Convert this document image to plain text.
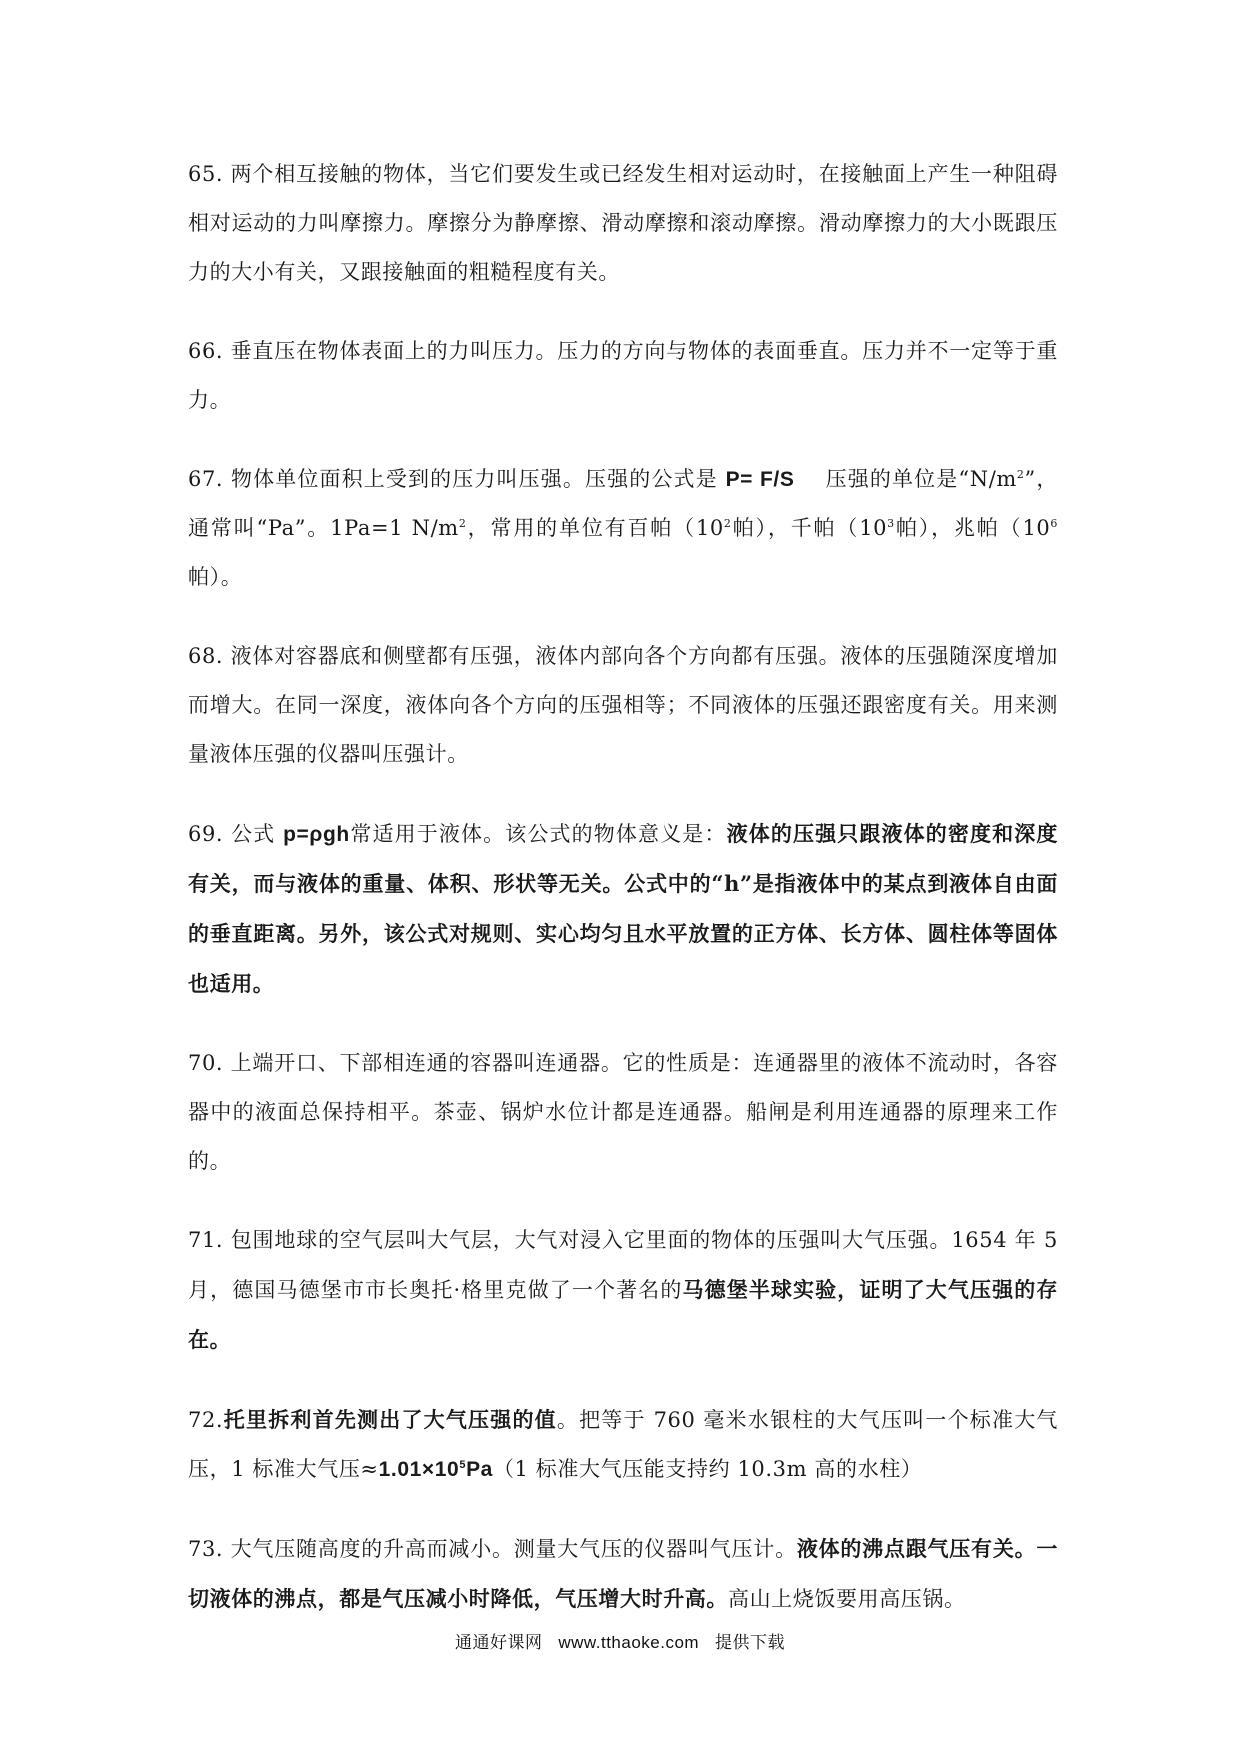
65. 两个相互接触的物体，当它们要发生或已经发生相对运动时，在接触面上产生一种阻碍相对运动的力叫摩擦力。摩擦分为静摩擦、滑动摩擦和滚动摩擦。滑动摩擦力的大小既跟压力的大小有关，又跟接触面的粗糙程度有关。

66. 垂直压在物体表面上的力叫压力。压力的方向与物体的表面垂直。压力并不一定等于重力。

67. 物体单位面积上受到的压力叫压强。压强的公式是 P= F/S 压强的单位是“$N/m^2$”，通常叫“Pa”。1Pa=1 $N/m^2$，常用的单位有百帕（$10^2$帕），千帕（$10^3$帕），兆帕（$10^6$帕）。

68. 液体对容器底和侧壁都有压强，液体内部向各个方向都有压强。液体的压强随深度增加而增大。在同一深度，液体向各个方向的压强相等；不同液体的压强还跟密度有关。用来测量液体压强的仪器叫压强计。

69. 公式 p=ρgh常适用于液体。该公式的物体意义是：液体的压强只跟液体的密度和深度有关，而与液体的重量、体积、形状等无关。公式中的“h”是指液体中的某点到液体自由面的垂直距离。另外，该公式对规则、实心均匀且水平放置的正方体、长方体、圆柱体等固体也适用。

70. 上端开口、下部相连通的容器叫连通器。它的性质是：连通器里的液体不流动时，各容器中的液面总保持相平。茶壶、锅炉水位计都是连通器。船闸是利用连通器的原理来工作的。

71. 包围地球的空气层叫大气层，大气对浸入它里面的物体的压强叫大气压强。1654 年 5 月，德国马德堡市市长奥托·格里克做了一个著名的马德堡半球实验，证明了大气压强的存在。

72.托里拆利首先测出了大气压强的值。把等于 760 毫米水银柱的大气压叫一个标准大气压，1 标准大气压$\approx 1.01\times 10^5Pa(1$ 标准大气压能支持约 10.3m 高的水柱）

73. 大气压随高度的升高而减小。测量大气压的仪器叫气压计。液体的沸点跟气压有关。一切液体的沸点，都是气压减小时降低，气压增大时升高。高山上烧饭要用高压锅。

通通好课网 www.tthaoke.com 提供下载
